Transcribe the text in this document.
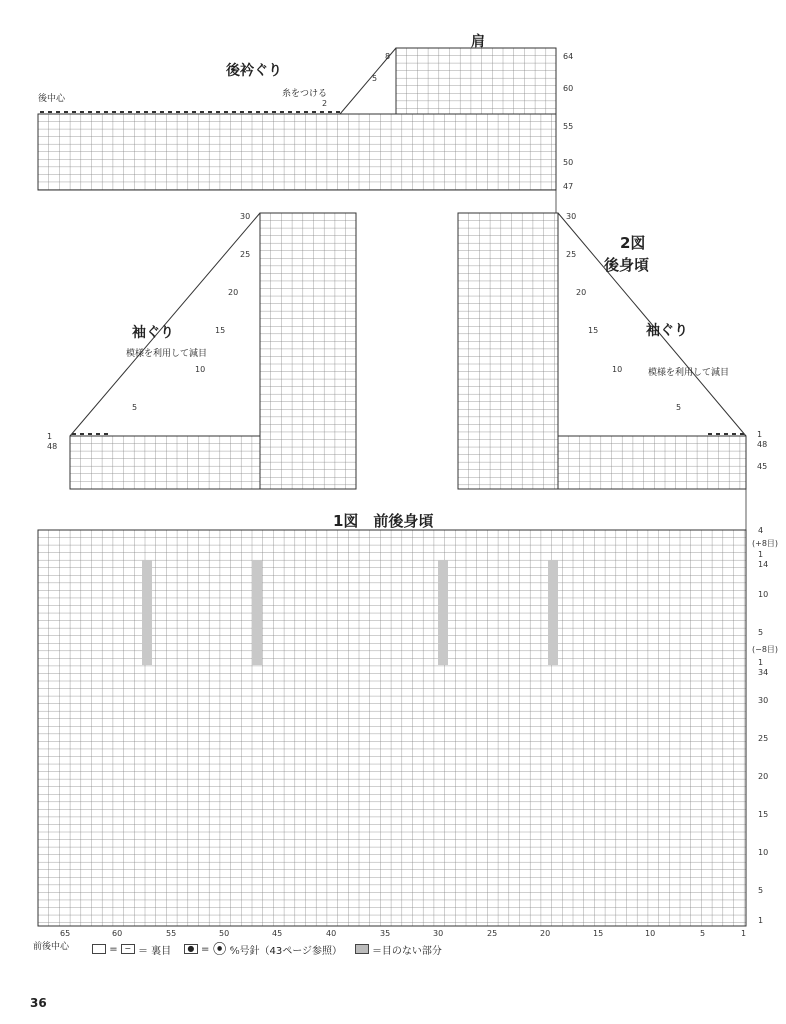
後衿ぐり
肩
2図
後身頃
袖ぐり	袖ぐり
1図　前後身頃
後中心	糸をつける
模様を利用して減目
模様を利用して減目
前後中心
64
60
55
50
47
8
5
2
30
25
20
15
10
5
1
48
45
30
25
20
15
10
5
1
48
4
(+8目)
1
14
10
5
(−8目)
1
34
30
25
20
15
10
5
1
65	60	55	50	45	40	35	30	25	20	15	10	5	1
= − ＝ 裏目 ● = ⦿ ⁶⁄₀号針（43ページ参照）	＝目のない部分
36
